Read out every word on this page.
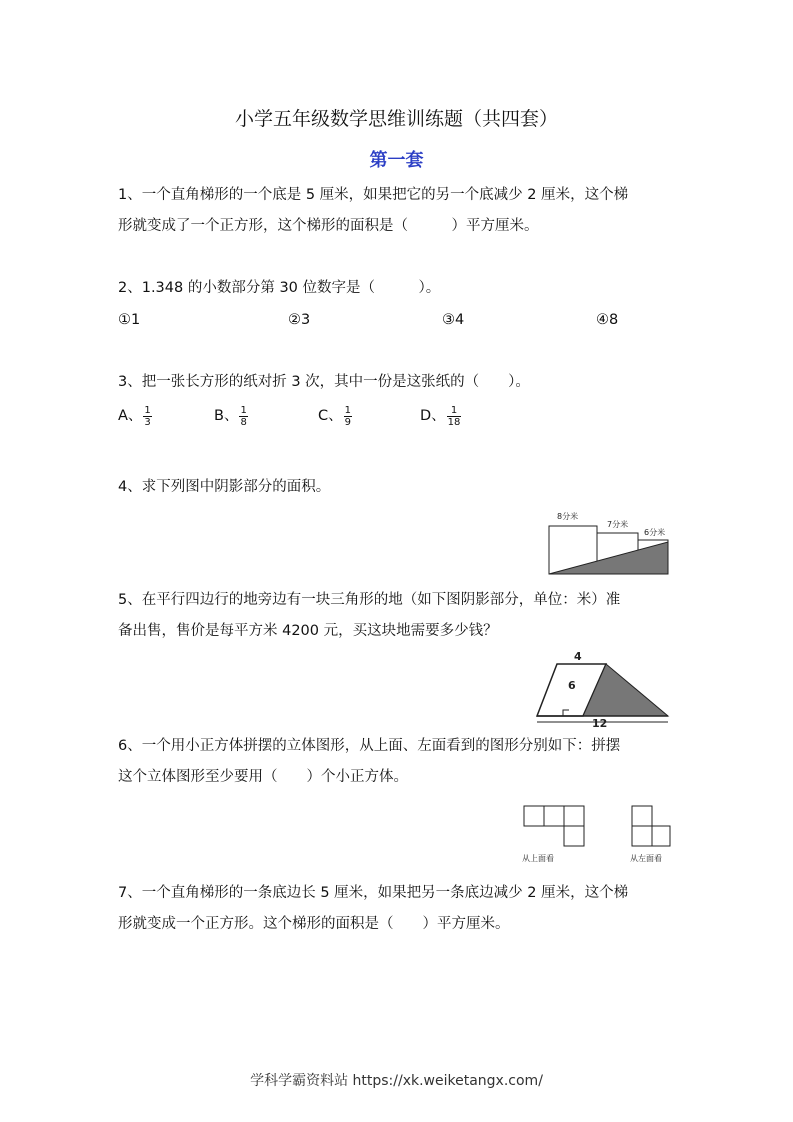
小学五年级数学思维训练题（共四套）
第一套
1、一个直角梯形的一个底是 5 厘米，如果把它的另一个底减少 2 厘米，这个梯
形就变成了一个正方形，这个梯形的面积是（　　　）平方厘米。
2、1.348 的小数部分第 30 位数字是（　　　）。
①1	②3	③4	④8
3、把一张长方形的纸对折 3 次，其中一份是这张纸的（　　）。
A、 $\frac{1}{3}$	B、 $\frac{1}{8}$	C、 $\frac{1}{9}$	D、 $\frac{1}{18}$
4、求下列图中阴影部分的面积。
8分米
7分米
6分米
5、在平行四边行的地旁边有一块三角形的地（如下图阴影部分，单位：米）准
备出售，售价是每平方米 4200 元，买这块地需要多少钱？
4
6
12
6、一个用小正方体拼摆的立体图形，从上面、左面看到的图形分别如下：拼摆
这个立体图形至少要用（　　）个小正方体。
从上面看	从左面看
7、一个直角梯形的一条底边长 5 厘米，如果把另一条底边减少 2 厘米，这个梯
形就变成一个正方形。这个梯形的面积是（　　）平方厘米。
学科学霸资料站 https://xk.weiketangx.com/
